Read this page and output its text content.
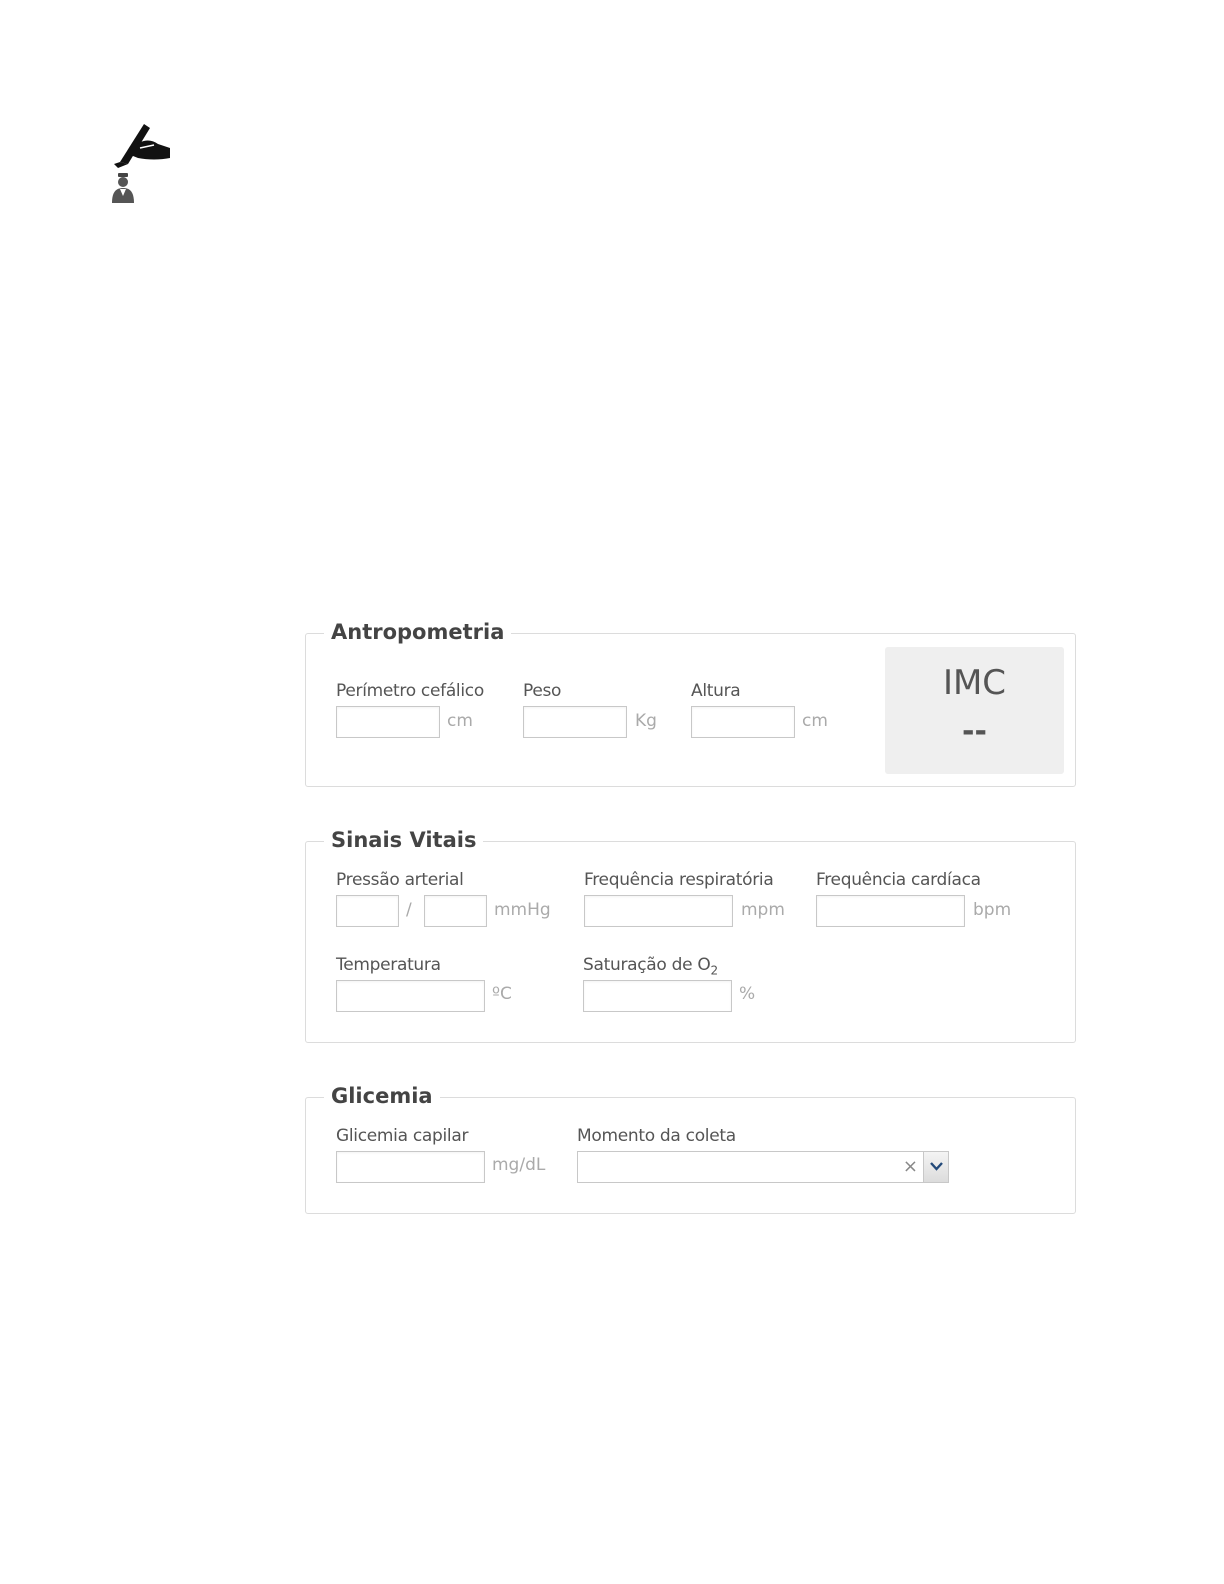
Antropometria
Perímetro cefálico
cm
Peso
Kg
Altura
cm
IMC
--
Sinais Vitais
Pressão arterial
/	mmHg
Frequência respiratória
mpm
Frequência cardíaca
bpm
Temperatura
ºC
Saturação de $O_2$
%
Glicemia
Glicemia capilar
mg/dL
Momento da coleta
×
